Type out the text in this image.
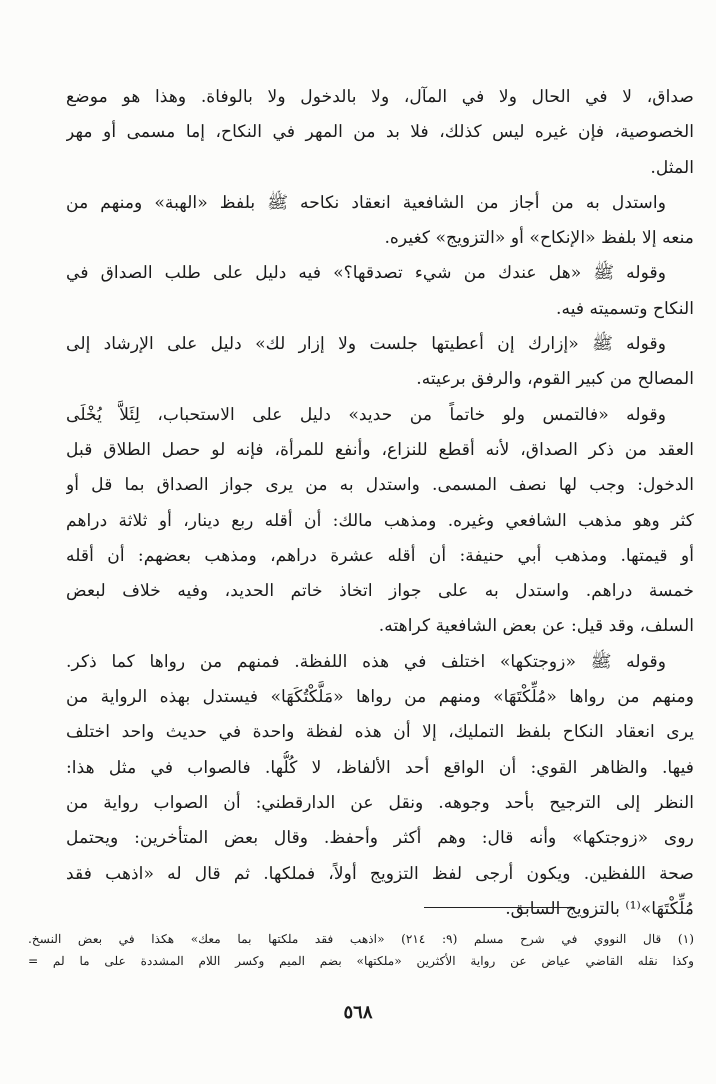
صداق، لا في الحال ولا في المآل، ولا بالدخول ولا بالوفاة. وهذا هو موضع
الخصوصية، فإن غيره ليس كذلك، فلا بد من المهر في النكاح، إما مسمى أو مهر
المثل.
واستدل به من أجاز من الشافعية انعقاد نكاحه ﷺ بلفظ «الهبة» ومنهم من
منعه إلا بلفظ «الإنكاح» أو «التزويج» كغيره.
وقوله ﷺ «هل عندك من شيء تصدقها؟» فيه دليل على طلب الصداق في
النكاح وتسميته فيه.
وقوله ﷺ «إزارك إن أعطيتها جلست ولا إزار لك» دليل على الإرشاد إلى
المصالح من كبير القوم، والرفق برعيته.
وقوله «فالتمس ولو خاتماً من حديد» دليل على الاستحباب، لِئَلاَّ يُخْلَى
العقد من ذكر الصداق، لأنه أقطع للنزاع، وأنفع للمرأة، فإنه لو حصل الطلاق قبل
الدخول: وجب لها نصف المسمى. واستدل به من يرى جواز الصداق بما قل أو
كثر وهو مذهب الشافعي وغيره. ومذهب مالك: أن أقله ربع دينار، أو ثلاثة دراهم
أو قيمتها. ومذهب أبي حنيفة: أن أقله عشرة دراهم، ومذهب بعضهم: أن أقله
خمسة دراهم. واستدل به على جواز اتخاذ خاتم الحديد، وفيه خلاف لبعض
السلف، وقد قيل: عن بعض الشافعية كراهته.
وقوله ﷺ «زوجتكها» اختلف في هذه اللفظة. فمنهم من رواها كما ذكر.
ومنهم من رواها «مُلِّكْتَهَا» ومنهم من رواها «مَلَّكْتُكَهَا» فيستدل بهذه الرواية من
يرى انعقاد النكاح بلفظ التمليك، إلا أن هذه لفظة واحدة في حديث واحد اختلف
فيها. والظاهر القوي: أن الواقع أحد الألفاظ، لا كُلُّها. فالصواب في مثل هذا:
النظر إلى الترجيح بأحد وجوهه. ونقل عن الدارقطني: أن الصواب رواية من
روى «زوجتكها» وأنه قال: وهم أكثر وأحفظ. وقال بعض المتأخرين: ويحتمل
صحة اللفظين. ويكون أرجى لفظ التزويج أولاً، فملكها. ثم قال له «اذهب فقد
مُلِّكْتَهَا»⁽¹⁾ بالتزويج السابق.
(١) قال النووي في شرح مسلم (٩: ٢١٤) «اذهب فقد ملكتها بما معك» هكذا في بعض النسخ.
وكذا نقله القاضي عياض عن رواية الأكثرين «ملكتها» بضم الميم وكسر اللام المشددة على ما لم =
٥٦٨
